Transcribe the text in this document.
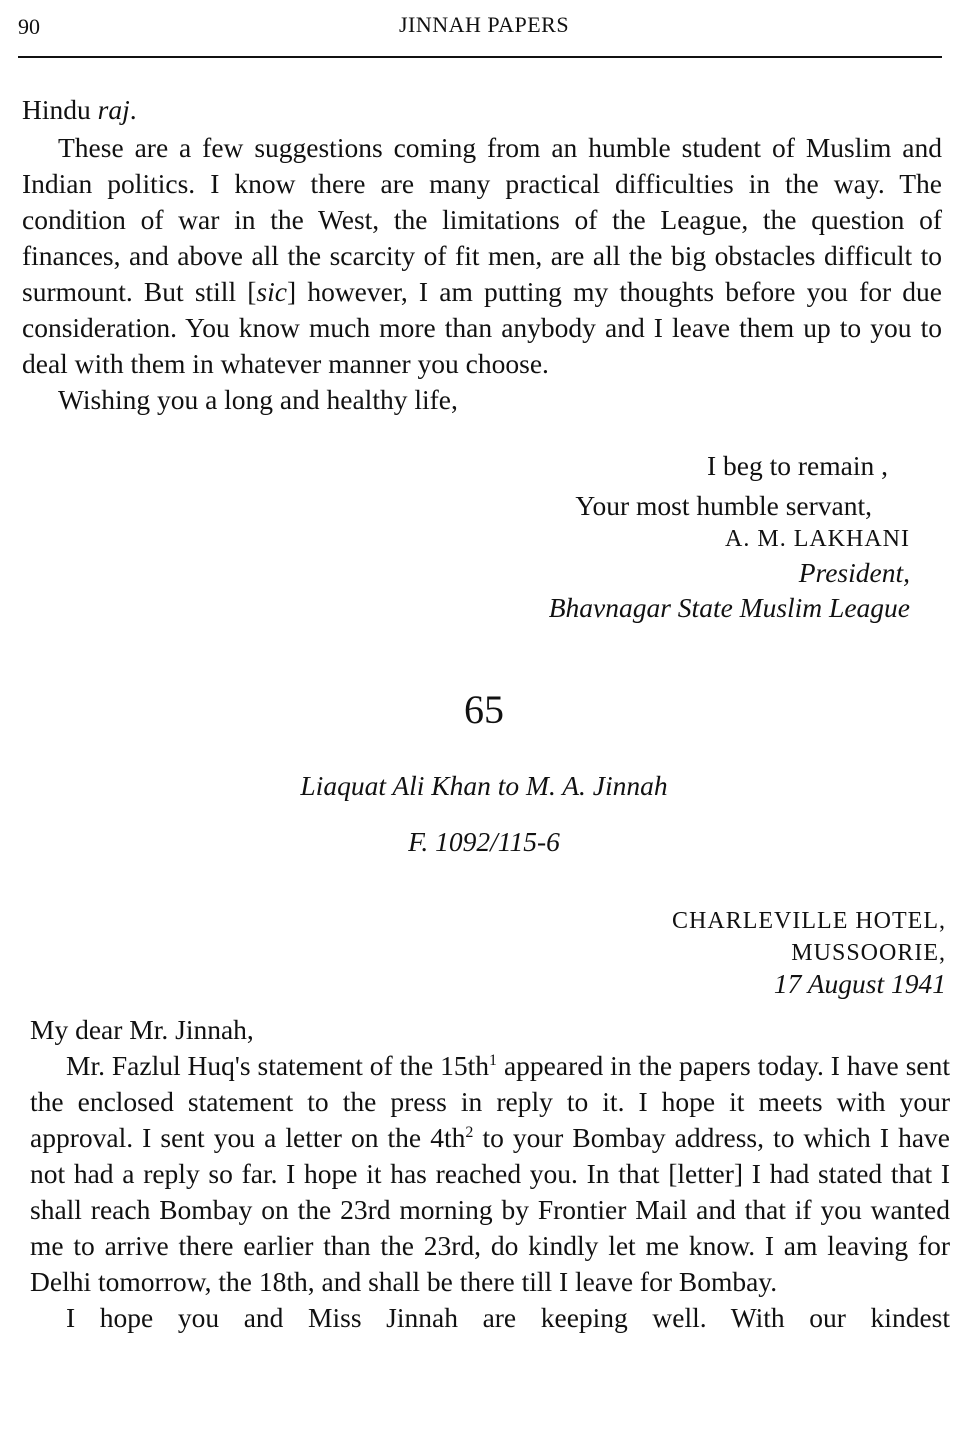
90	JINNAH PAPERS

Hindu raj.

These are a few suggestions coming from an humble student of Muslim and Indian politics. I know there are many practical difficulties in the way. The condition of war in the West, the limitations of the League, the question of finances, and above all the scarcity of fit men, are all the big obstacles difficult to surmount. But still [sic] however, I am putting my thoughts before you for due consideration. You know much more than anybody and I leave them up to you to deal with them in whatever manner you choose.

Wishing you a long and healthy life,

I beg to remain ,
Your most humble servant,
A. M. LAKHANI
President,
Bhavnagar State Muslim League
65
Liaquat Ali Khan to M. A. Jinnah
F. 1092/115-6
CHARLEVILLE HOTEL,
MUSSOORIE,
17 August 1941

My dear Mr. Jinnah,

Mr. Fazlul Huq's statement of the $15th^1$ appeared in the papers today. I have sent the enclosed statement to the press in reply to it. I hope it meets with your approval. I sent you a letter on the $4th^2$ to your Bombay address, to which I have not had a reply so far. I hope it has reached you. In that [letter] I had stated that I shall reach Bombay on the 23rd morning by Frontier Mail and that if you wanted me to arrive there earlier than the 23rd, do kindly let me know. I am leaving for Delhi tomorrow, the 18th, and shall be there till I leave for Bombay.

I hope you and Miss Jinnah are keeping well. With our kindest
